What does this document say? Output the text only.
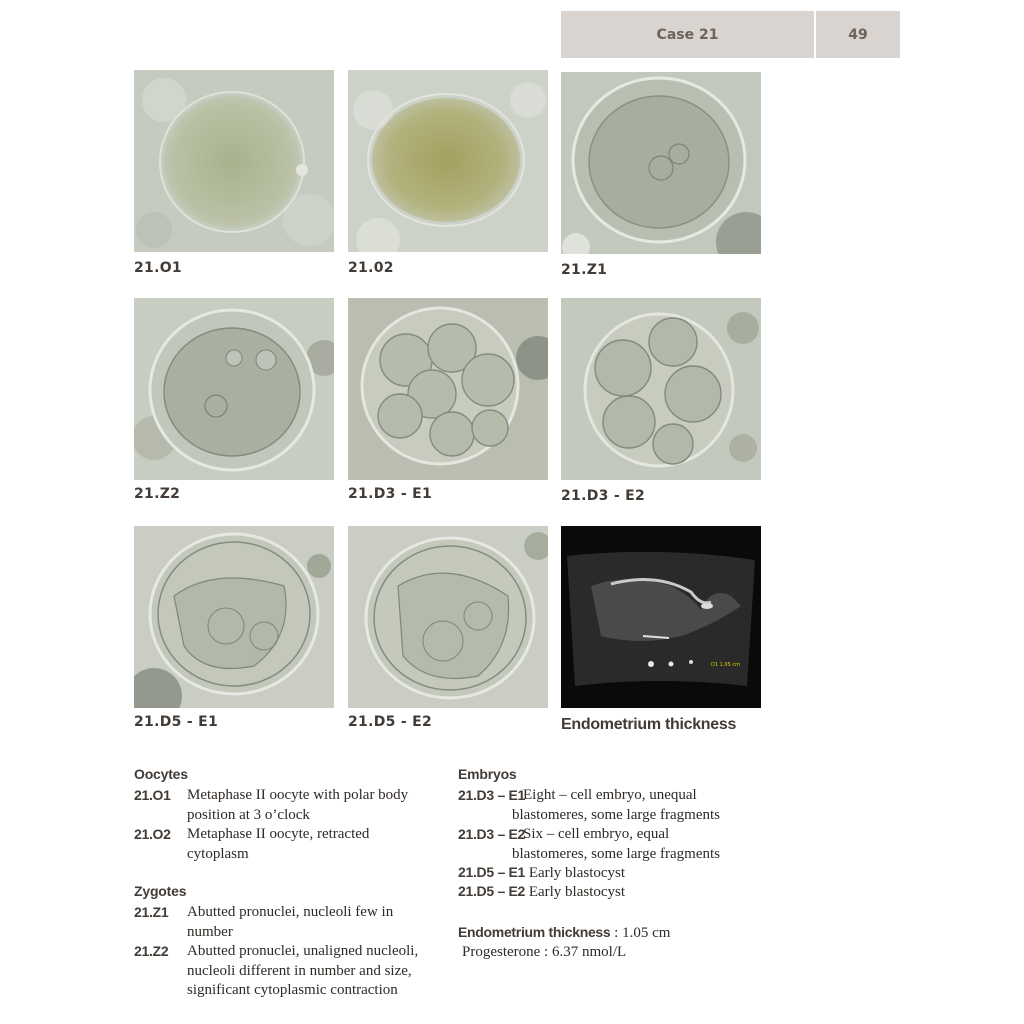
Case 21	49
21.O1	21.02	21.Z1
21.Z2	21.D3 - E1	21.D3 - E2
21.D5 - E1	21.D5 - E2
D1 1.05 cm
Endometrium thickness
Oocytes
21.O1 Metaphase II oocyte with polar body position at 3 o’clock
21.O2 Metaphase II oocyte, retracted cytoplasm
Zygotes
21.Z1 Abutted pronuclei, nucleoli few in number
21.Z2 Abutted pronuclei, unaligned nucleoli, nucleoli different in number and size, significant cytoplasmic contraction
Embryos
21.D3 – E1
Eight – cell embryo, unequal blastomeres, some large fragments
21.D3 – E2
Six – cell embryo, equal blastomeres, some large fragments
21.D5 – E1 Early blastocyst
21.D5 – E2 Early blastocyst
Endometrium thickness : 1.05 cm
Progesterone : 6.37 nmol/L
